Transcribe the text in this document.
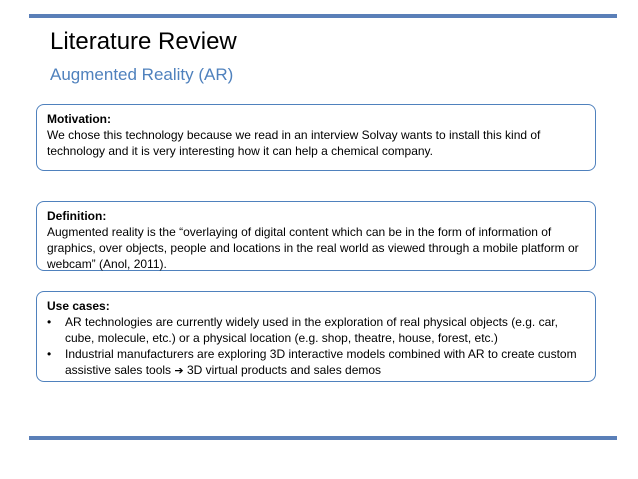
Literature Review
Augmented Reality (AR)
Motivation:
We chose this technology because we read in an interview Solvay wants to install this kind of technology and it is very interesting how it can help a chemical company.
Definition:
Augmented reality is the “overlaying of digital content which can be in the form of information of graphics, over objects, people and locations in the real world as viewed through a mobile platform or webcam” (Anol, 2011).
Use cases:
• AR technologies are currently widely used in the exploration of real physical objects (e.g. car, cube, molecule, etc.) or a physical location (e.g. shop, theatre, house, forest, etc.)
• Industrial manufacturers are exploring 3D interactive models combined with AR to create custom assistive sales tools ➔ 3D virtual products and sales demos
